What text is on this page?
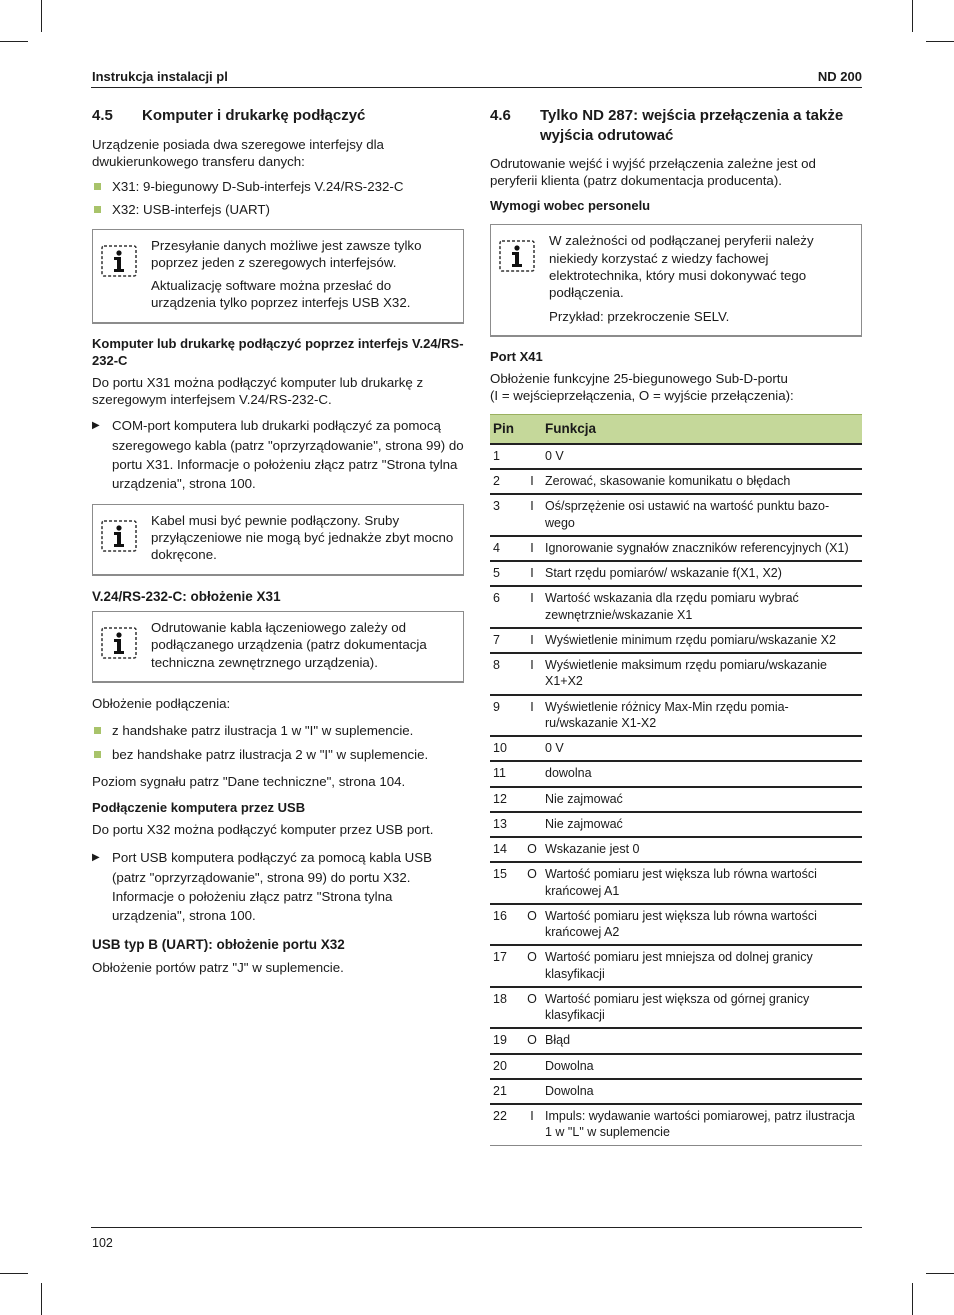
Instrukcja instalacji pl	ND 200
4.5	Komputer i drukarkę podłączyć

Urządzenie posiada dwa szeregowe interfejsy dla dwukierunkowego transferu danych:

X31: 9-biegunowy D-Sub-interfejs V.24/RS-232-C
X32: USB-interfejs (UART)

Przesyłanie danych możliwe jest zawsze tylko poprzez jeden z szeregowych interfejsów.

Aktualizację software można przesłać do urządzenia tylko poprzez interfejs USB X32.

Komputer lub drukarkę podłączyć poprzez interfejs V.24/RS-232-C

Do portu X31 można podłączyć komputer lub drukarkę z szeregowym interfejsem V.24/RS-232-C.

▶ COM-port komputera lub drukarki podłączyć za pomocą szeregowego kabla (patrz "oprzyrządowanie", strona 99) do portu X31. Informacje o położeniu złącz patrz "Strona tylna urządzenia", strona 100.

Kabel musi być pewnie podłączony. Sruby przyłączeniowe nie mogą być jednakże zbyt mocno dokręcone.

V.24/RS-232-C: obłożenie X31

Odrutowanie kabla łączeniowego zależy od podłączanego urządzenia (patrz dokumentacja techniczna zewnętrznego urządzenia).

Obłożenie podłączenia:

z handshake patrz ilustracja 1 w "I" w suplemencie.
bez handshake patrz ilustracja 2 w "I" w suplemencie.

Poziom sygnału patrz "Dane techniczne", strona 104.

Podłączenie komputera przez USB

Do portu X32 można podłączyć komputer przez USB port.

▶ Port USB komputera podłączyć za pomocą kabla USB (patrz "oprzyrządowanie", strona 99) do portu X32. Informacje o położeniu złącz patrz "Strona tylna urządzenia", strona 100.
USB typ B (UART): obłożenie portu X32

Obłożenie portów patrz "J" w suplemencie.

4.6	Tylko ND 287: wejścia przełączenia a także wyjścia odrutować

Odrutowanie wejść i wyjść przełączenia zależne jest od peryferii klienta (patrz dokumentacja producenta).

Wymogi wobec personelu

W zależności od podłączanej peryferii należy niekiedy korzystać z wiedzy fachowej elektrotechnika, który musi dokonywać tego podłączenia.

Przykład: przekroczenie SELV.

Port X41

Obłożenie funkcyjne 25-biegunowego Sub-D-portu
(I = wejściеprzełączenia, O = wyjście przełączenia):

Pin		Funkcja
1		0 V
2	I	Zerować, skasowanie komunikatu o błędach
3	I	Oś/sprzężenie osi ustawić na wartość punktu bazo-wego
4	I	Ignorowanie sygnałów znaczników referencyjnych (X1)
5	I	Start rzędu pomiarów/ wskazanie f(X1, X2)
6	I	Wartość wskazania dla rzędu pomiaru wybrać zewnętrznie/wskazanie X1
7	I	Wyświetlenie minimum rzędu pomiaru/wskazanie X2
8	I	Wyświetlenie maksimum rzędu pomiaru/wskazanie X1+X2
9	I	Wyświetlenie różnicy Max-Min rzędu pomia-ru/wskazanie X1-X2
10		0 V
11		dowolna
12		Nie zajmować
13		Nie zajmować
14	O	Wskazanie jest 0
15	O	Wartość pomiaru jest większa lub równa wartości krańcowej A1
16	O	Wartość pomiaru jest większa lub równa wartości krańcowej A2
17	O	Wartość pomiaru jest mniejsza od dolnej granicy klasyfikacji
18	O	Wartość pomiaru jest większa od górnej granicy klasyfikacji
19	O	Błąd
20		Dowolna
21		Dowolna
22	I	Impuls: wydawanie wartości pomiarowej, patrz ilustracja 1 w "L" w suplemencie
102
